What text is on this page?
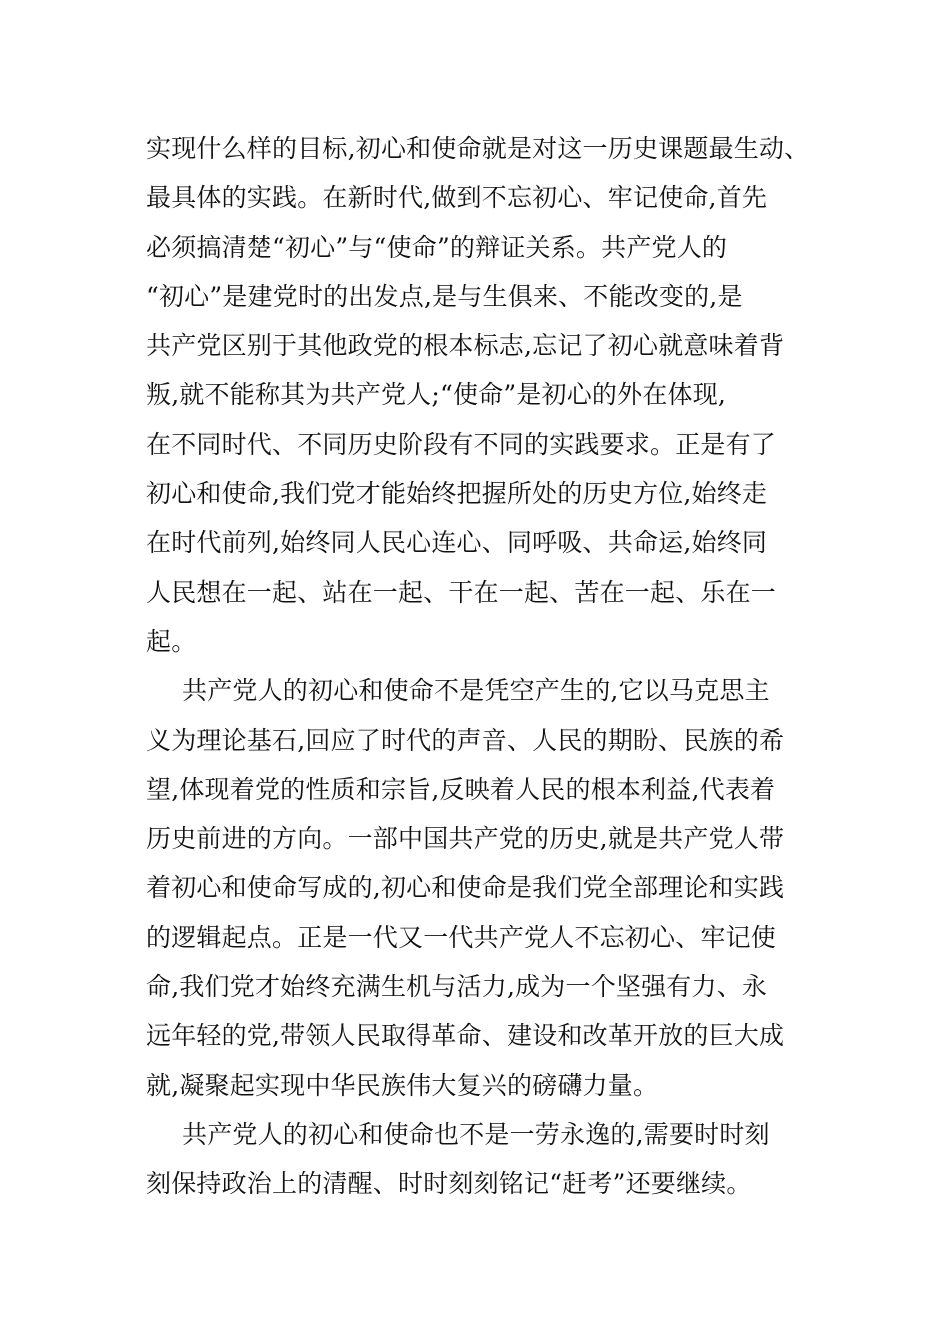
实现什么样的目标,初心和使命就是对这一历史课题最生动、
最具体的实践。在新时代,做到不忘初心、牢记使命,首先
必须搞清楚“初心”与“使命”的辩证关系。共产党人的
“初心”是建党时的出发点,是与生俱来、不能改变的,是
共产党区别于其他政党的根本标志,忘记了初心就意味着背
叛,就不能称其为共产党人;“使命”是初心的外在体现,
在不同时代、不同历史阶段有不同的实践要求。正是有了
初心和使命,我们党才能始终把握所处的历史方位,始终走
在时代前列,始终同人民心连心、同呼吸、共命运,始终同
人民想在一起、站在一起、干在一起、苦在一起、乐在一
起。
共产党人的初心和使命不是凭空产生的,它以马克思主
义为理论基石,回应了时代的声音、人民的期盼、民族的希
望,体现着党的性质和宗旨,反映着人民的根本利益,代表着
历史前进的方向。一部中国共产党的历史,就是共产党人带
着初心和使命写成的,初心和使命是我们党全部理论和实践
的逻辑起点。正是一代又一代共产党人不忘初心、牢记使
命,我们党才始终充满生机与活力,成为一个坚强有力、永
远年轻的党,带领人民取得革命、建设和改革开放的巨大成
就,凝聚起实现中华民族伟大复兴的磅礴力量。
共产党人的初心和使命也不是一劳永逸的,需要时时刻
刻保持政治上的清醒、时时刻刻铭记“赶考”还要继续。
